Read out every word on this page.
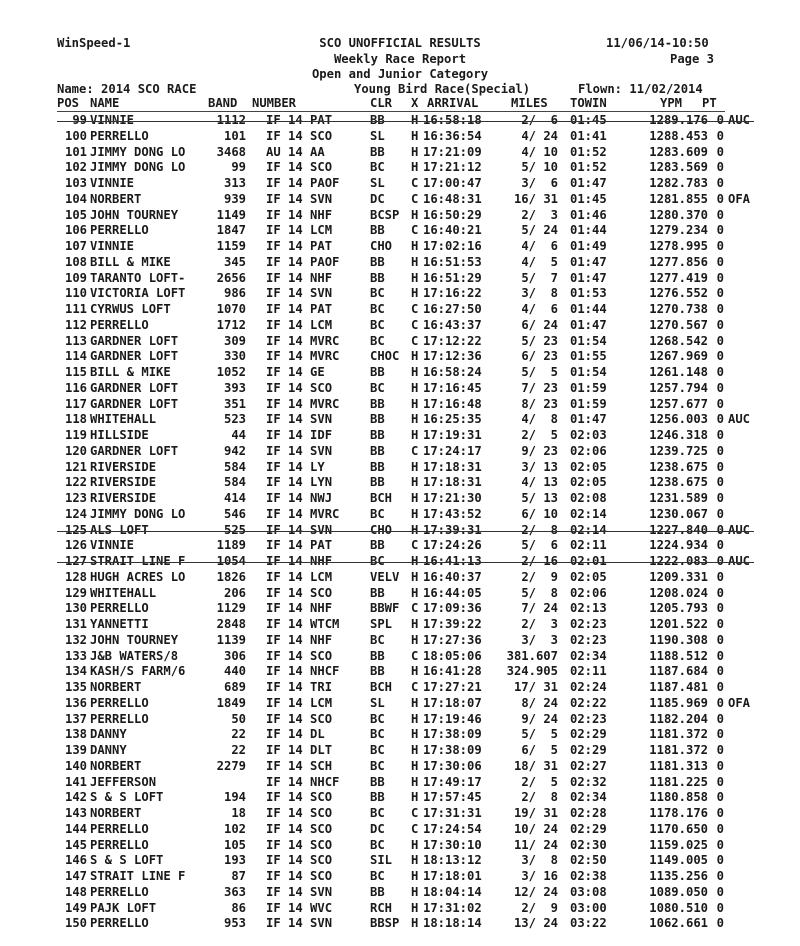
WinSpeed-1	SCO UNOFFICIAL RESULTS	11/06/14-10:50
Weekly Race Report	Page 3
Open and Junior Category
Name: 2014 SCO RACE	Young Bird Race(Special)	Flown: 11/02/2014
POS NAME	BAND NUMBER	CLR X ARRIVAL	MILES TOWIN	YPM PT
99 VINNIE	1112 IF 14 PAT	BB	H 16:58:18	2/  6 01:45	1289.176 0 AUC
100 PERRELLO	101 IF 14 SCO	SL	H 16:36:54	4/ 24 01:41	1288.453 0
101 JIMMY DONG LO	3468 AU 14 AA	BB	H 17:21:09	4/ 10 01:52	1283.609 0
102 JIMMY DONG LO	99 IF 14 SCO	BC	H 17:21:12	5/ 10 01:52	1283.569 0
103 VINNIE	313 IF 14 PAOF	SL	C 17:00:47	3/  6 01:47	1282.783 0
104 NORBERT	939 IF 14 SVN	DC	C 16:48:31	16/ 31 01:45	1281.855 0 OFA
105 JOHN TOURNEY	1149 IF 14 NHF	BCSP H 16:50:29	2/  3 01:46	1280.370 0
106 PERRELLO	1847 IF 14 LCM	BB	C 16:40:21	5/ 24 01:44	1279.234 0
107 VINNIE	1159 IF 14 PAT	CHO	H 17:02:16	4/  6 01:49	1278.995 0
108 BILL & MIKE	345 IF 14 PAOF	BB	H 16:51:53	4/  5 01:47	1277.856 0
109 TARANTO LOFT-	2656 IF 14 NHF	BB	H 16:51:29	5/  7 01:47	1277.419 0
110 VICTORIA LOFT	986 IF 14 SVN	BC	H 17:16:22	3/  8 01:53	1276.552 0
111 CYRWUS LOFT	1070 IF 14 PAT	BC	C 16:27:50	4/  6 01:44	1270.738 0
112 PERRELLO	1712 IF 14 LCM	BC	C 16:43:37	6/ 24 01:47	1270.567 0
113 GARDNER LOFT	309 IF 14 MVRC	BC	C 17:12:22	5/ 23 01:54	1268.542 0
114 GARDNER LOFT	330 IF 14 MVRC	CHOC H 17:12:36	6/ 23 01:55	1267.969 0
115 BILL & MIKE	1052 IF 14 GE	BB	H 16:58:24	5/  5 01:54	1261.148 0
116 GARDNER LOFT	393 IF 14 SCO	BC	H 17:16:45	7/ 23 01:59	1257.794 0
117 GARDNER LOFT	351 IF 14 MVRC	BB	H 17:16:48	8/ 23 01:59	1257.677 0
118 WHITEHALL	523 IF 14 SVN	BB	H 16:25:35	4/  8 01:47	1256.003 0 AUC
119 HILLSIDE	44 IF 14 IDF	BB	H 17:19:31	2/  5 02:03	1246.318 0
120 GARDNER LOFT	942 IF 14 SVN	BB	C 17:24:17	9/ 23 02:06	1239.725 0
121 RIVERSIDE	584 IF 14 LY	BB	H 17:18:31	3/ 13 02:05	1238.675 0
122 RIVERSIDE	584 IF 14 LYN	BB	H 17:18:31	4/ 13 02:05	1238.675 0
123 RIVERSIDE	414 IF 14 NWJ	BCH	H 17:21:30	5/ 13 02:08	1231.589 0
124 JIMMY DONG LO	546 IF 14 MVRC	BC	H 17:43:52	6/ 10 02:14	1230.067 0
125 ALS LOFT	525 IF 14 SVN	CHO	H 17:39:31	2/  8 02:14	1227.840 0 AUC
126 VINNIE	1189 IF 14 PAT	BB	C 17:24:26	5/  6 02:11	1224.934 0
127 STRAIT LINE F	1054 IF 14 NHF	BC	H 16:41:13	2/ 16 02:01	1222.083 0 AUC
128 HUGH ACRES LO	1826 IF 14 LCM	VELV H 16:40:37	2/  9 02:05	1209.331 0
129 WHITEHALL	206 IF 14 SCO	BB	H 16:44:05	5/  8 02:06	1208.024 0
130 PERRELLO	1129 IF 14 NHF	BBWF C 17:09:36	7/ 24 02:13	1205.793 0
131 YANNETTI	2848 IF 14 WTCM	SPL	H 17:39:22	2/  3 02:23	1201.522 0
132 JOHN TOURNEY	1139 IF 14 NHF	BC	H 17:27:36	3/  3 02:23	1190.308 0
133 J&B WATERS/8	306 IF 14 SCO	BB	C 18:05:06	381.607 02:34	1188.512 0
134 KASH/S FARM/6	440 IF 14 NHCF	BB	H 16:41:28	324.905 02:11	1187.684 0
135 NORBERT	689 IF 14 TRI	BCH	C 17:27:21	17/ 31 02:24	1187.481 0
136 PERRELLO	1849 IF 14 LCM	SL	H 17:18:07	8/ 24 02:22	1185.969 0 OFA
137 PERRELLO	50 IF 14 SCO	BC	H 17:19:46	9/ 24 02:23	1182.204 0
138 DANNY	22 IF 14 DL	BC	H 17:38:09	5/  5 02:29	1181.372 0
139 DANNY	22 IF 14 DLT	BC	H 17:38:09	6/  5 02:29	1181.372 0
140 NORBERT	2279 IF 14 SCH	BC	H 17:30:06	18/ 31 02:27	1181.313 0
141 JEFFERSON	IF 14 NHCF	BB	H 17:49:17	2/  5 02:32	1181.225 0
142 S & S LOFT	194 IF 14 SCO	BB	H 17:57:45	2/  8 02:34	1180.858 0
143 NORBERT	18 IF 14 SCO	BC	C 17:31:31	19/ 31 02:28	1178.176 0
144 PERRELLO	102 IF 14 SCO	DC	C 17:24:54	10/ 24 02:29	1170.650 0
145 PERRELLO	105 IF 14 SCO	BC	H 17:30:10	11/ 24 02:30	1159.025 0
146 S & S LOFT	193 IF 14 SCO	SIL	H 18:13:12	3/  8 02:50	1149.005 0
147 STRAIT LINE F	87 IF 14 SCO	BC	H 17:18:01	3/ 16 02:38	1135.256 0
148 PERRELLO	363 IF 14 SVN	BB	H 18:04:14	12/ 24 03:08	1089.050 0
149 PAJK LOFT	86 IF 14 WVC	RCH	H 17:31:02	2/  9 03:00	1080.510 0
150 PERRELLO	953 IF 14 SVN	BBSP H 18:18:14	13/ 24 03:22	1062.661 0
